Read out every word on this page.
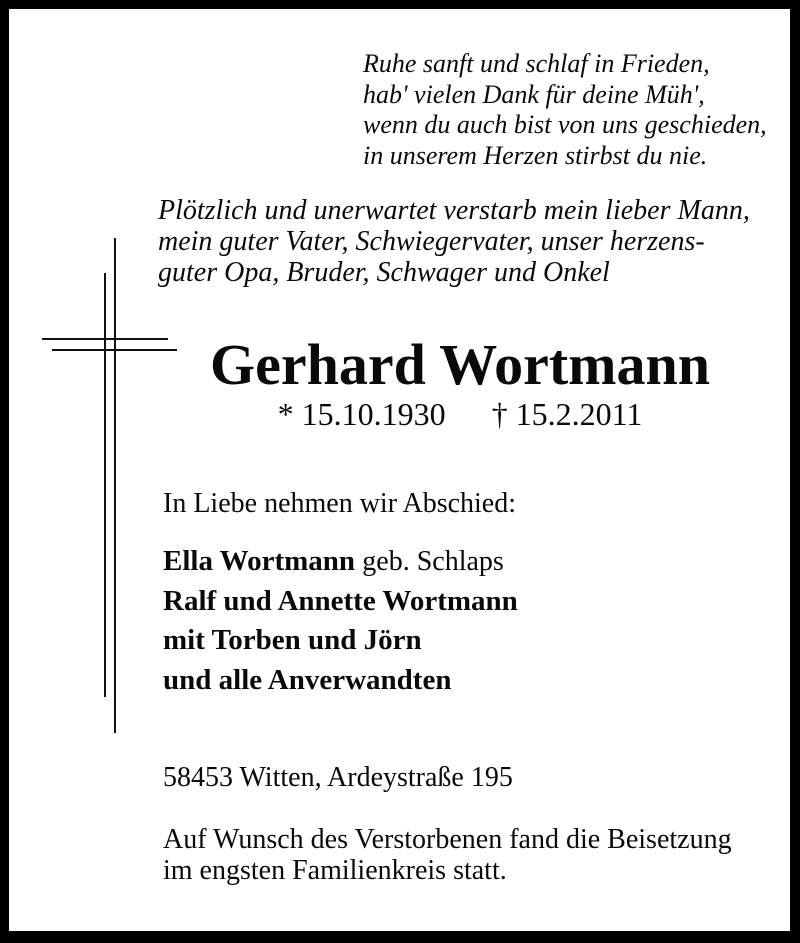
Ruhe sanft und schlaf in Frieden,
hab' vielen Dank für deine Müh',
wenn du auch bist von uns geschieden,
in unserem Herzen stirbst du nie.
Plötzlich und unerwartet verstarb mein lieber Mann,
mein guter Vater, Schwiegervater, unser herzens-
guter Opa, Bruder, Schwager und Onkel
Gerhard Wortmann
* 15.10.1930 † 15.2.2011
In Liebe nehmen wir Abschied:
Ella Wortmann geb. Schlaps
Ralf und Annette Wortmann
mit Torben und Jörn
und alle Anverwandten
58453 Witten, Ardeystraße 195
Auf Wunsch des Verstorbenen fand die Beisetzung
im engsten Familienkreis statt.
